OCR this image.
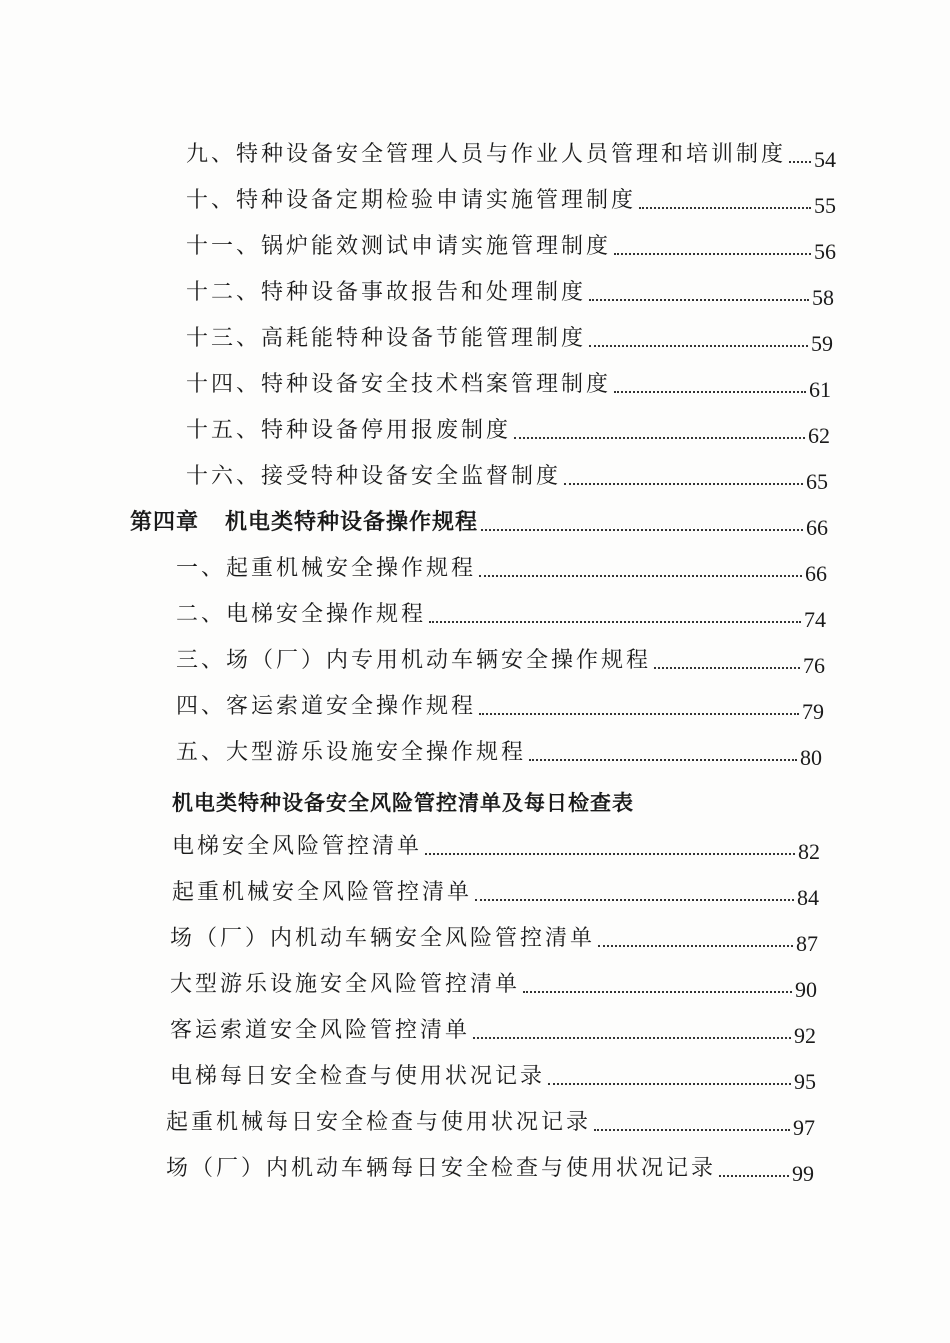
九、特种设备安全管理人员与作业人员管理和培训制度 54
十、特种设备定期检验申请实施管理制度	55
十一、锅炉能效测试申请实施管理制度	56
十二、特种设备事故报告和处理制度	58
十三、高耗能特种设备节能管理制度	59
十四、特种设备安全技术档案管理制度	61
十五、特种设备停用报废制度	62
十六、接受特种设备安全监督制度	65
第四章 机电类特种设备操作规程	66
一、起重机械安全操作规程	66
二、电梯安全操作规程	74
三、场（厂）内专用机动车辆安全操作规程	76
四、客运索道安全操作规程	79
五、大型游乐设施安全操作规程	80
机电类特种设备安全风险管控清单及每日检查表
电梯安全风险管控清单	82
起重机械安全风险管控清单	84
场（厂）内机动车辆安全风险管控清单	87
大型游乐设施安全风险管控清单	90
客运索道安全风险管控清单	92
电梯每日安全检查与使用状况记录	95
起重机械每日安全检查与使用状况记录	97
场（厂）内机动车辆每日安全检查与使用状况记录	99
